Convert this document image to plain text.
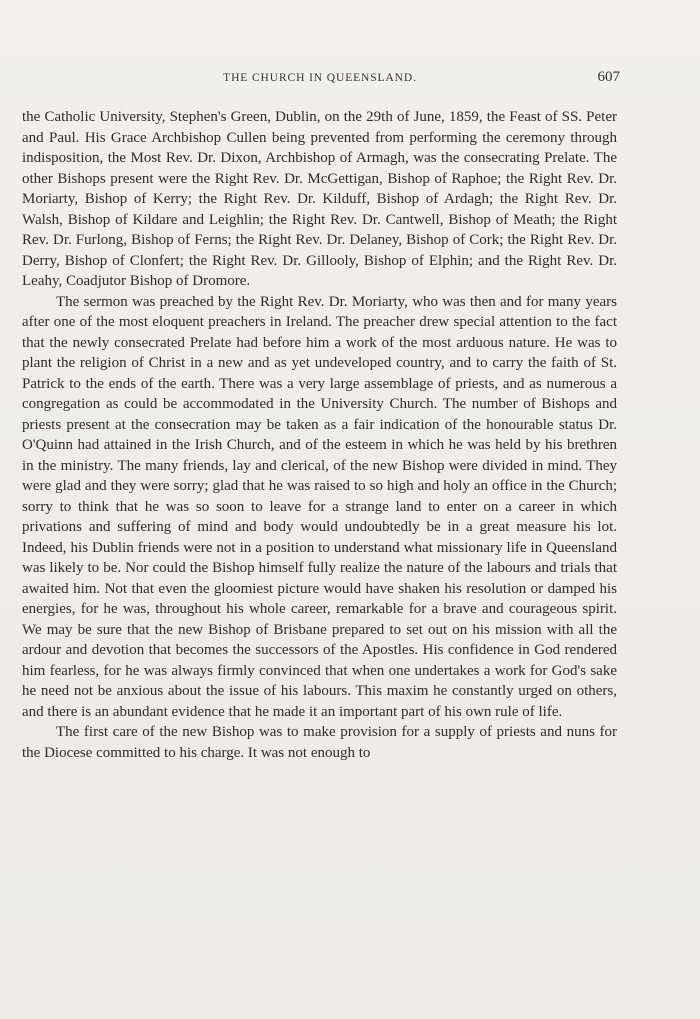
THE CHURCH IN QUEENSLAND.	607

the Catholic University, Stephen's Green, Dublin, on the 29th of June, 1859, the Feast of SS. Peter and Paul. His Grace Archbishop Cullen being prevented from performing the ceremony through indisposition, the Most Rev. Dr. Dixon, Archbishop of Armagh, was the consecrating Prelate. The other Bishops present were the Right Rev. Dr. McGettigan, Bishop of Raphoe; the Right Rev. Dr. Moriarty, Bishop of Kerry; the Right Rev. Dr. Kilduff, Bishop of Ardagh; the Right Rev. Dr. Walsh, Bishop of Kildare and Leighlin; the Right Rev. Dr. Cantwell, Bishop of Meath; the Right Rev. Dr. Furlong, Bishop of Ferns; the Right Rev. Dr. Delaney, Bishop of Cork; the Right Rev. Dr. Derry, Bishop of Clonfert; the Right Rev. Dr. Gillooly, Bishop of Elphin; and the Right Rev. Dr. Leahy, Coadjutor Bishop of Dromore.

The sermon was preached by the Right Rev. Dr. Moriarty, who was then and for many years after one of the most eloquent preachers in Ireland. The preacher drew special attention to the fact that the newly consecrated Prelate had before him a work of the most arduous nature. He was to plant the religion of Christ in a new and as yet undeveloped country, and to carry the faith of St. Patrick to the ends of the earth. There was a very large assemblage of priests, and as numerous a congregation as could be accommodated in the University Church. The number of Bishops and priests present at the consecration may be taken as a fair indication of the honourable status Dr. O'Quinn had attained in the Irish Church, and of the esteem in which he was held by his brethren in the ministry. The many friends, lay and clerical, of the new Bishop were divided in mind. They were glad and they were sorry; glad that he was raised to so high and holy an office in the Church; sorry to think that he was so soon to leave for a strange land to enter on a career in which privations and suffering of mind and body would undoubtedly be in a great measure his lot. Indeed, his Dublin friends were not in a position to understand what missionary life in Queensland was likely to be. Nor could the Bishop himself fully realize the nature of the labours and trials that awaited him. Not that even the gloomiest picture would have shaken his resolution or damped his energies, for he was, throughout his whole career, remarkable for a brave and courageous spirit. We may be sure that the new Bishop of Brisbane prepared to set out on his mission with all the ardour and devotion that becomes the successors of the Apostles. His confidence in God rendered him fearless, for he was always firmly convinced that when one undertakes a work for God's sake he need not be anxious about the issue of his labours. This maxim he constantly urged on others, and there is an abundant evidence that he made it an important part of his own rule of life.

The first care of the new Bishop was to make provision for a supply of priests and nuns for the Diocese committed to his charge. It was not enough to
